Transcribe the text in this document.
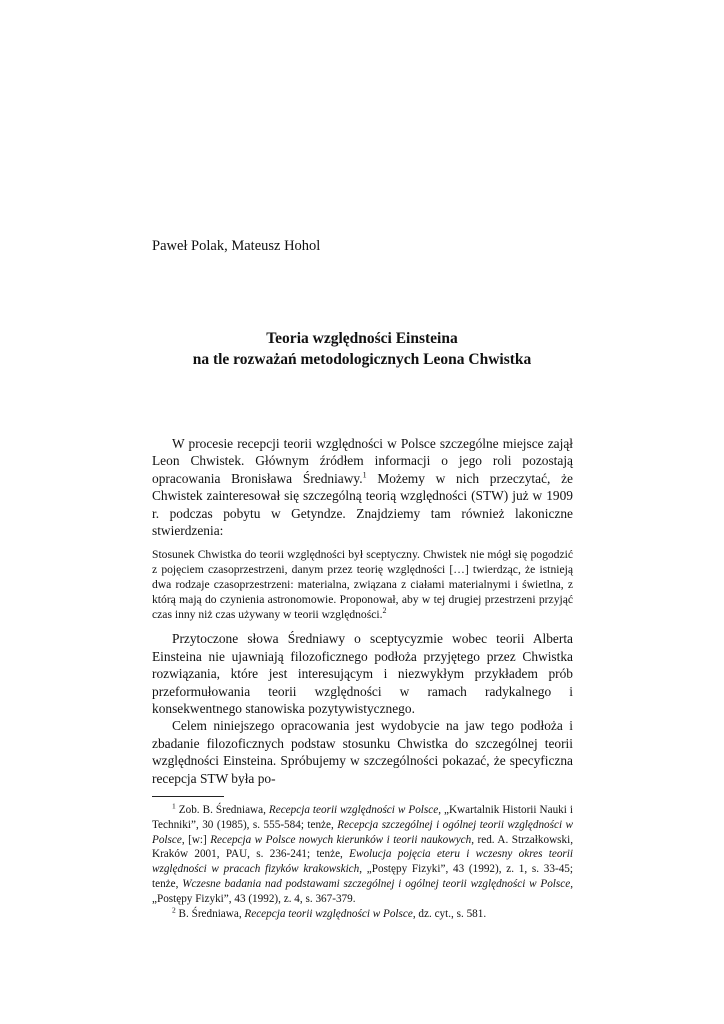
Paweł Polak, Mateusz Hohol

Teoria względności Einsteina
na tle rozważań metodologicznych Leona Chwistka

W procesie recepcji teorii względności w Polsce szczególne miejsce zajął Leon Chwistek. Głównym źródłem informacji o jego roli pozostają opracowania Bronisława Średniawy.$^1$ Możemy w nich przeczytać, że Chwistek zainteresował się szczególną teorią względności (STW) już w 1909 r. podczas pobytu w Getyndze. Znajdziemy tam również lakoniczne stwierdzenia:

Stosunek Chwistka do teorii względności był sceptyczny. Chwistek nie mógł się pogodzić z pojęciem czasoprzestrzeni, danym przez teorię względności […] twierdząc, że istnieją dwa rodzaje czasoprzestrzeni: materialna, związana z ciałami materialnymi i świetlna, z którą mają do czynienia astronomowie. Proponował, aby w tej drugiej przestrzeni przyjąć czas inny niż czas używany w teorii względności.$^2$

Przytoczone słowa Średniawy o sceptycyzmie wobec teorii Alberta Einsteina nie ujawniają filozoficznego podłoża przyjętego przez Chwistka rozwiązania, które jest interesującym i niezwykłym przykładem prób przeformułowania teorii względności w ramach radykalnego i konsekwentnego stanowiska pozytywistycznego.

Celem niniejszego opracowania jest wydobycie na jaw tego podłoża i zbadanie filozoficznych podstaw stosunku Chwistka do szczególnej teorii względności Einsteina. Spróbujemy w szczególności pokazać, że specyficzna recepcja STW była po-

$^1$ Zob. B. Średniawa, Recepcja teorii względności w Polsce, „Kwartalnik Historii Nauki i Techniki”, 30 (1985), s. 555-584; tenże, Recepcja szczególnej i ogólnej teorii względności w Polsce, [w:] Recepcja w Polsce nowych kierunków i teorii naukowych, red. A. Strzałkowski, Kraków 2001, PAU, s. 236-241; tenże, Ewolucja pojęcia eteru i wczesny okres teorii względności w pracach fizyków krakowskich, „Postępy Fizyki”, 43 (1992), z. 1, s. 33-45; tenże, Wczesne badania nad podstawami szczególnej i ogólnej teorii względności w Polsce, „Postępy Fizyki”, 43 (1992), z. 4, s. 367-379.

$^2$ B. Średniawa, Recepcja teorii względności w Polsce, dz. cyt., s. 581.
